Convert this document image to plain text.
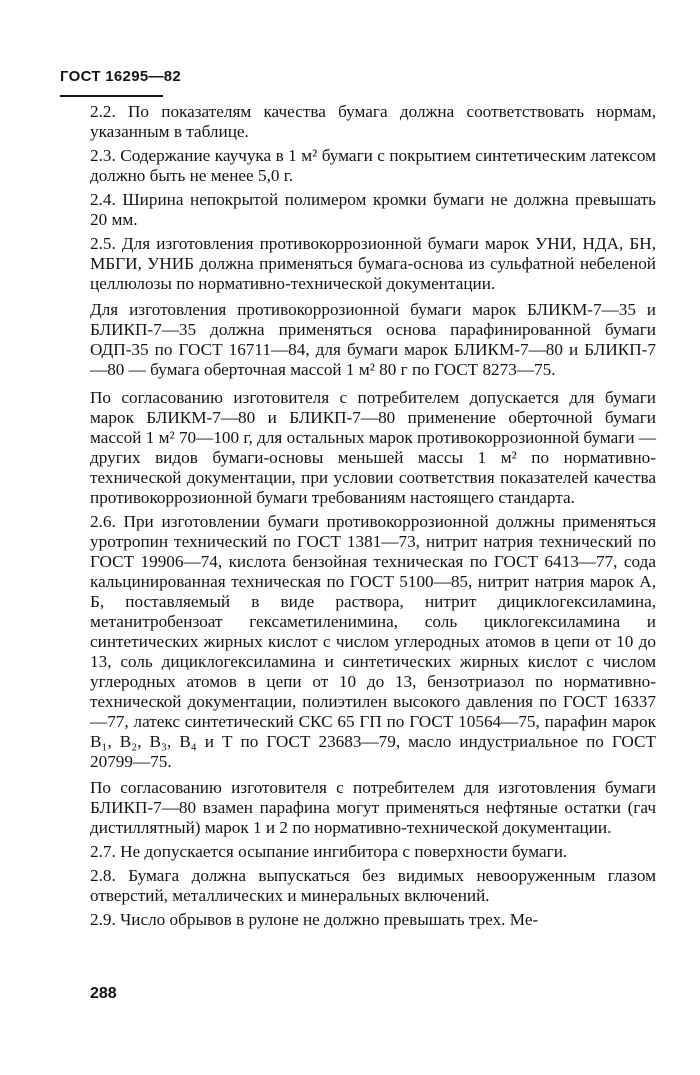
ГОСТ 16295—82

2.2. По показателям качества бумага должна соответствовать нормам, указанным в таблице.

2.3. Содержание каучука в 1 м² бумаги с покрытием синтетическим латексом должно быть не менее 5,0 г.

2.4. Ширина непокрытой полимером кромки бумаги не должна превышать 20 мм.

2.5. Для изготовления противокоррозионной бумаги марок УНИ, НДА, БН, МБГИ, УНИБ должна применяться бумага-основа из сульфатной небеленой целлюлозы по нормативно-технической документации.

Для изготовления противокоррозионной бумаги марок БЛИКМ-7—35 и БЛИКП-7—35 должна применяться основа парафинированной бумаги ОДП-35 по ГОСТ 16711—84, для бумаги марок БЛИКМ-7—80 и БЛИКП-7—80 — бумага оберточная массой 1 м² 80 г по ГОСТ 8273—75.

По согласованию изготовителя с потребителем допускается для бумаги марок БЛИКМ-7—80 и БЛИКП-7—80 применение оберточной бумаги массой 1 м² 70—100 г, для остальных марок противокоррозионной бумаги — других видов бумаги-основы меньшей массы 1 м² по нормативно-технической документации, при условии соответствия показателей качества противокоррозионной бумаги требованиям настоящего стандарта.

2.6. При изготовлении бумаги противокоррозионной должны применяться уротропин технический по ГОСТ 1381—73, нитрит натрия технический по ГОСТ 19906—74, кислота бензойная техническая по ГОСТ 6413—77, сода кальцинированная техническая по ГОСТ 5100—85, нитрит натрия марок А, Б, поставляемый в виде раствора, нитрит дициклогексиламина, метанитробензоат гексаметиленимина, соль циклогексиламина и синтетических жирных кислот с числом углеродных атомов в цепи от 10 до 13, соль дициклогексиламина и синтетических жирных кислот с числом углеродных атомов в цепи от 10 до 13, бензотриазол по нормативно-технической документации, полиэтилен высокого давления по ГОСТ 16337—77, латекс синтетический СКС 65 ГП по ГОСТ 10564—75, парафин марок В₁, В₂, В₃, В₄ и Т по ГОСТ 23683—79, масло индустриальное по ГОСТ 20799—75.

По согласованию изготовителя с потребителем для изготовления бумаги БЛИКП-7—80 взамен парафина могут применяться нефтяные остатки (гач дистиллятный) марок 1 и 2 по нормативно-технической документации.

2.7. Не допускается осыпание ингибитора с поверхности бумаги.

2.8. Бумага должна выпускаться без видимых невооруженным глазом отверстий, металлических и минеральных включений.

2.9. Число обрывов в рулоне не должно превышать трех. Ме-

288
